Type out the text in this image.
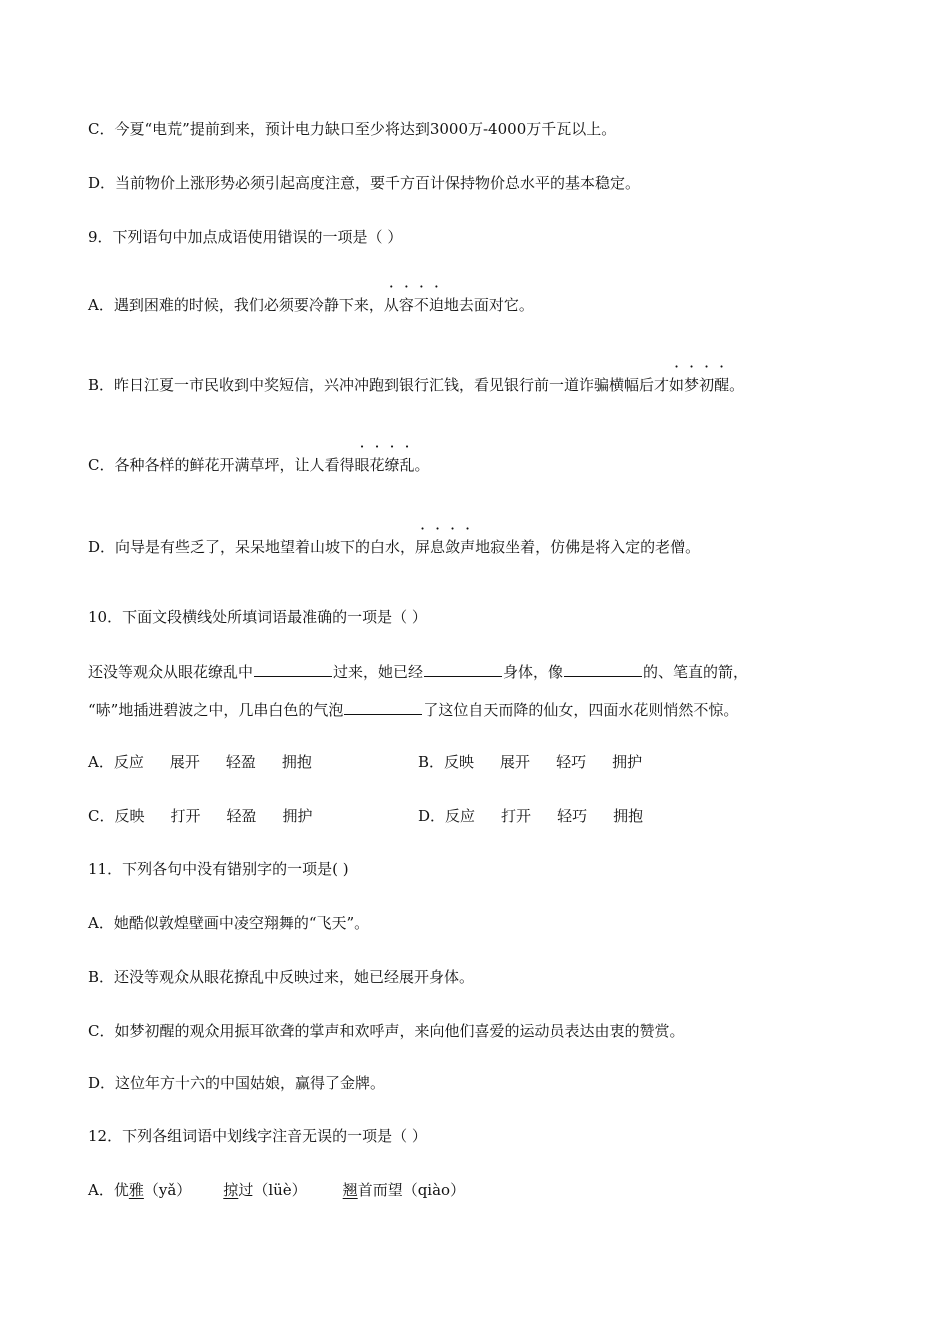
C．今夏“电荒”提前到来，预计电力缺口至少将达到3000万-4000万千瓦以上。
D．当前物价上涨形势必须引起高度注意，要千方百计保持物价总水平的基本稳定。
9．下列语句中加点成语使用错误的一项是（ ）
A．遇到困难的时候，我们必须要冷静下来，从容不迫地去面对它。
B．昨日江夏一市民收到中奖短信，兴冲冲跑到银行汇钱，看见银行前一道诈骗横幅后才如梦初醒。
C．各种各样的鲜花开满草坪，让人看得眼花缭乱。
D．向导是有些乏了，呆呆地望着山坡下的白水，屏息敛声地寂坐着，仿佛是将入定的老僧。
10．下面文段横线处所填词语最准确的一项是（ ）
还没等观众从眼花缭乱中	过来，她已经	身体，像	的、笔直的箭，
“哧”地插进碧波之中，几串白色的气泡	了这位自天而降的仙女，四面水花则悄然不惊。
A．反应 展开 轻盈 拥抱	B．反映 展开 轻巧 拥护
C．反映 打开 轻盈 拥护	D．反应 打开 轻巧 拥抱
11．下列各句中没有错别字的一项是( )
A．她酷似敦煌壁画中凌空翔舞的“飞天”。
B．还没等观众从眼花撩乱中反映过来，她已经展开身体。
C．如梦初醒的观众用振耳欲聋的掌声和欢呼声，来向他们喜爱的运动员表达由衷的赞赏。
D．这位年方十六的中国姑娘，赢得了金牌。
12．下列各组词语中划线字注音无误的一项是（ ）
A．优雅（yǎ） 掠过（lüè） 翘首而望（qiào）
